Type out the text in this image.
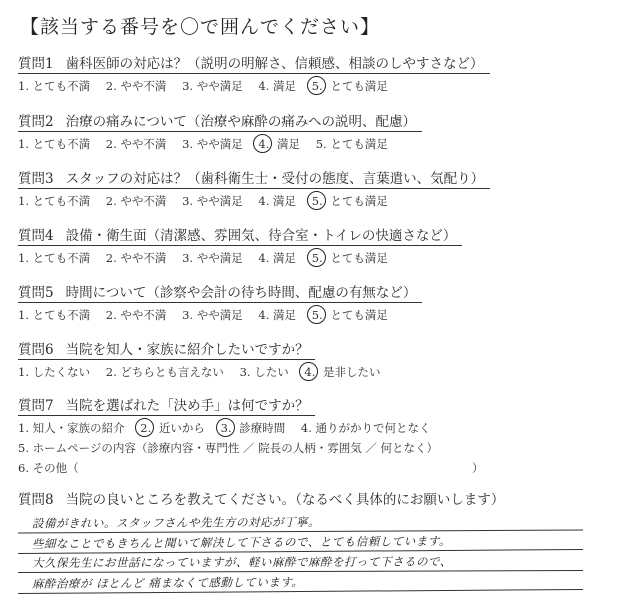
【該当する番号を〇で囲んでください】
質問1 歯科医師の対応は？（説明の明解さ、信頼感、相談のしやすさなど）
1. とても不満 2. やや不満 3. やや満足 4. 満足 5. とても満足
質問2 治療の痛みについて（治療や麻酔の痛みへの説明、配慮）
1. とても不満 2. やや不満 3. やや満足 4. 満足 5. とても満足
質問3 スタッフの対応は？（歯科衛生士・受付の態度、言葉遣い、気配り）
1. とても不満 2. やや不満 3. やや満足 4. 満足 5. とても満足
質問4 設備・衛生面（清潔感、雰囲気、待合室・トイレの快適さなど）
1. とても不満 2. やや不満 3. やや満足 4. 満足 5. とても満足
質問5 時間について（診察や会計の待ち時間、配慮の有無など）
1. とても不満 2. やや不満 3. やや満足 4. 満足 5. とても満足
質問6 当院を知人・家族に紹介したいですか？
1. したくない 2. どちらとも言えない 3. したい 4. 是非したい
質問7 当院を選ばれた「決め手」は何ですか？
1. 知人・家族の紹介 2. 近いから 3. 診療時間 4. 通りがかりで何となく
5. ホームページの内容（診療内容・専門性 ／ 院長の人柄・雰囲気 ／ 何となく）
6. その他（	）
質問8 当院の良いところを教えてください。（なるべく具体的にお願いします）
設備がきれい。スタッフさんや先生方の対応が丁寧。
些細なことでもきちんと聞いて解決して下さるので、とても信頼しています。
大久保先生にお世話になっていますが、軽い麻酔で麻酔を打って下さるので、
麻酔治療が ほとんど 痛まなくて感動しています。
